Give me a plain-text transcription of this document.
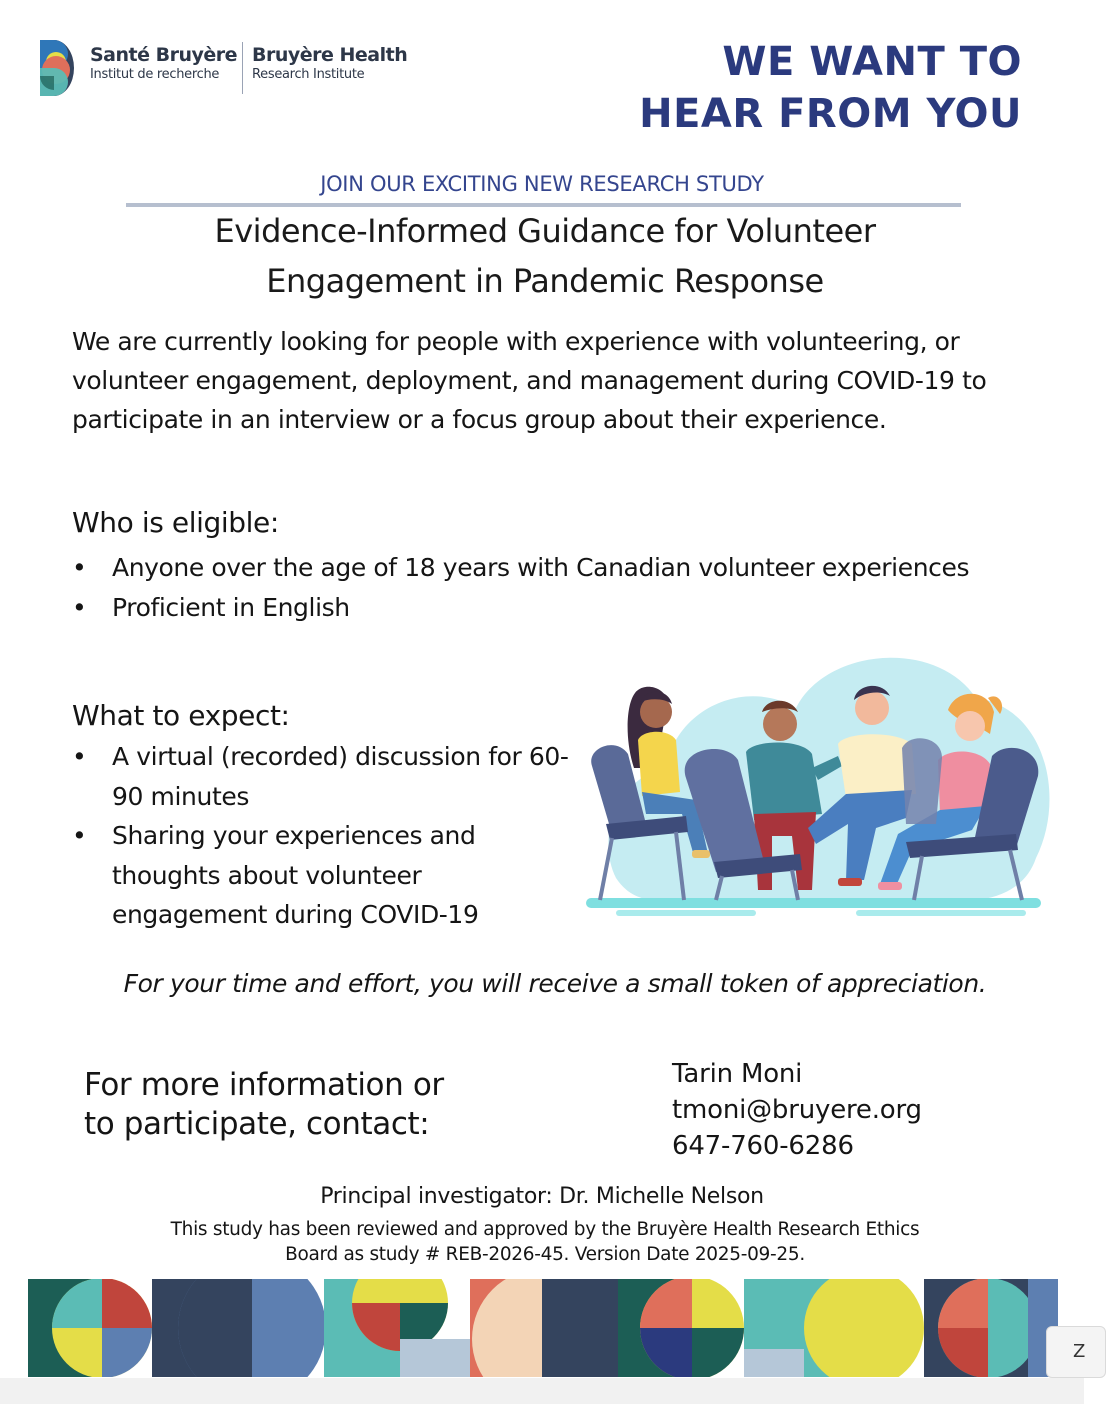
Santé Bruyère
Institut de recherche
Bruyère Health
Research Institute	WE WANT TO
HEAR FROM YOU
JOIN OUR EXCITING NEW RESEARCH STUDY
Evidence-Informed Guidance for Volunteer
Engagement in Pandemic Response

We are currently looking for people with experience with volunteering, or volunteer engagement, deployment, and management during COVID-19 to participate in an interview or a focus group about their experience.

Who is eligible:
• Anyone over the age of 18 years with Canadian volunteer experiences
• Proficient in English
What to expect:
• A virtual (recorded) discussion for 60-90 minutes
• Sharing your experiences and thoughts about volunteer engagement during COVID-19

For your time and effort, you will receive a small token of appreciation.

For more information or
to participate, contact:
Tarin Moni
tmoni@bruyere.org
647-760-6286
Principal investigator: Dr. Michelle Nelson
This study has been reviewed and approved by the Bruyère Health Research Ethics
Board as study # REB-2026-45. Version Date 2025-09-25.
Z
